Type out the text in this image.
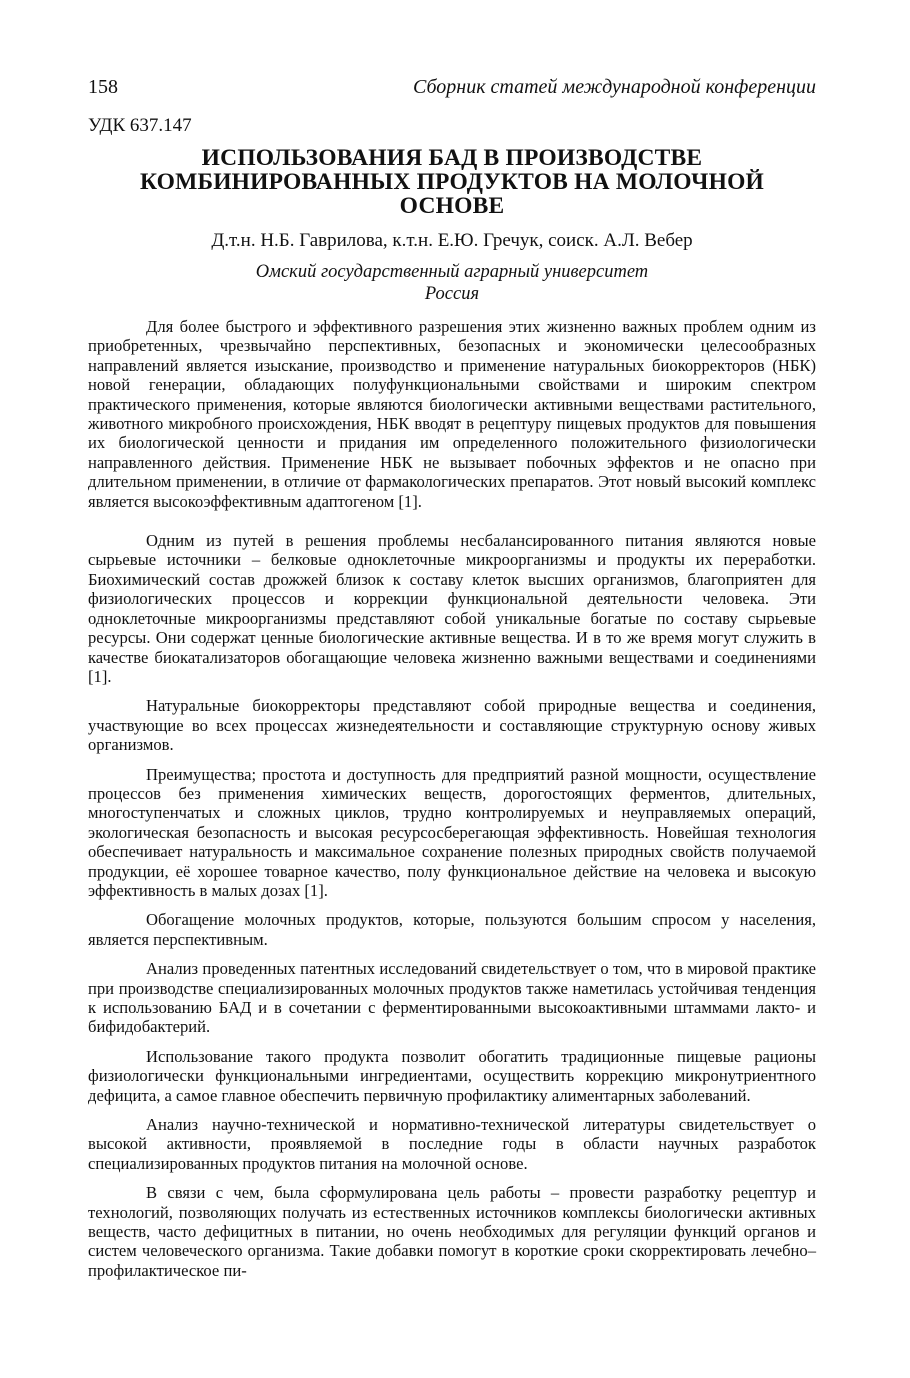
158	Сборник статей международной конференции
УДК 637.147
ИСПОЛЬЗОВАНИЯ БАД В ПРОИЗВОДСТВЕ
КОМБИНИРОВАННЫХ ПРОДУКТОВ НА МОЛОЧНОЙ
ОСНОВЕ
Д.т.н. Н.Б. Гаврилова, к.т.н. Е.Ю. Гречук, соиск. А.Л. Вебер
Омский государственный аграрный университет
Россия

Для более быстрого и эффективного разрешения этих жизненно важных проблем одним из приобретенных, чрезвычайно перспективных, безопасных и экономически целесообразных направлений является изыскание, производство и применение натуральных биокорректоров (НБК) новой генерации, обладающих полуфункциональными свойствами и широким спектром практического применения, которые являются биологически активными веществами растительного, животного микробного происхождения, НБК вводят в рецептуру пищевых продуктов для повышения их биологической ценности и придания им определенного положительного физиологически направленного действия. Применение НБК не вызывает побочных эффектов и не опасно при длительном применении, в отличие от фармакологических препаратов. Этот новый высокий комплекс является высокоэффективным адаптогеном [1].

Одним из путей в решения проблемы несбалансированного питания являются новые сырьевые источники – белковые одноклеточные микроорганизмы и продукты их переработки. Биохимический состав дрожжей близок к составу клеток высших организмов, благоприятен для физиологических процессов и коррекции функциональной деятельности человека. Эти одноклеточные микроорганизмы представляют собой уникальные богатые по составу сырьевые ресурсы. Они содержат ценные биологические активные вещества. И в то же время могут служить в качестве биокатализаторов обогащающие человека жизненно важными веществами и соединениями [1].

Натуральные биокорректоры представляют собой природные вещества и соединения, участвующие во всех процессах жизнедеятельности и составляющие структурную основу живых организмов.

Преимущества; простота и доступность для предприятий разной мощности, осуществление процессов без применения химических веществ, дорогостоящих ферментов, длительных, многоступенчатых и сложных циклов, трудно контролируемых и неуправляемых операций, экологическая безопасность и высокая ресурсосберегающая эффективность. Новейшая технология обеспечивает натуральность и максимальное сохранение полезных природных свойств получаемой продукции, её хорошее товарное качество, полу функциональное действие на человека и высокую эффективность в малых дозах [1].

Обогащение молочных продуктов, которые, пользуются большим спросом у населения, является перспективным.

Анализ проведенных патентных исследований свидетельствует о том, что в мировой практике при производстве специализированных молочных продуктов также наметилась устойчивая тенденция к использованию БАД и в сочетании с ферментированными высокоактивными штаммами лакто- и бифидобактерий.

Использование такого продукта позволит обогатить традиционные пищевые рационы физиологически функциональными ингредиентами, осуществить коррекцию микронутриентного дефицита, а самое главное обеспечить первичную профилактику алиментарных заболеваний.

Анализ научно-технической и нормативно-технической литературы свидетельствует о высокой активности, проявляемой в последние годы в области научных разработок специализированных продуктов питания на молочной основе.

В связи с чем, была сформулирована цель работы – провести разработку рецептур и технологий, позволяющих получать из естественных источников комплексы биологически активных веществ, часто дефицитных в питании, но очень необходимых для регуляции функций органов и систем человеческого организма. Такие добавки помогут в короткие сроки скорректировать лечебно–профилактическое пи-
